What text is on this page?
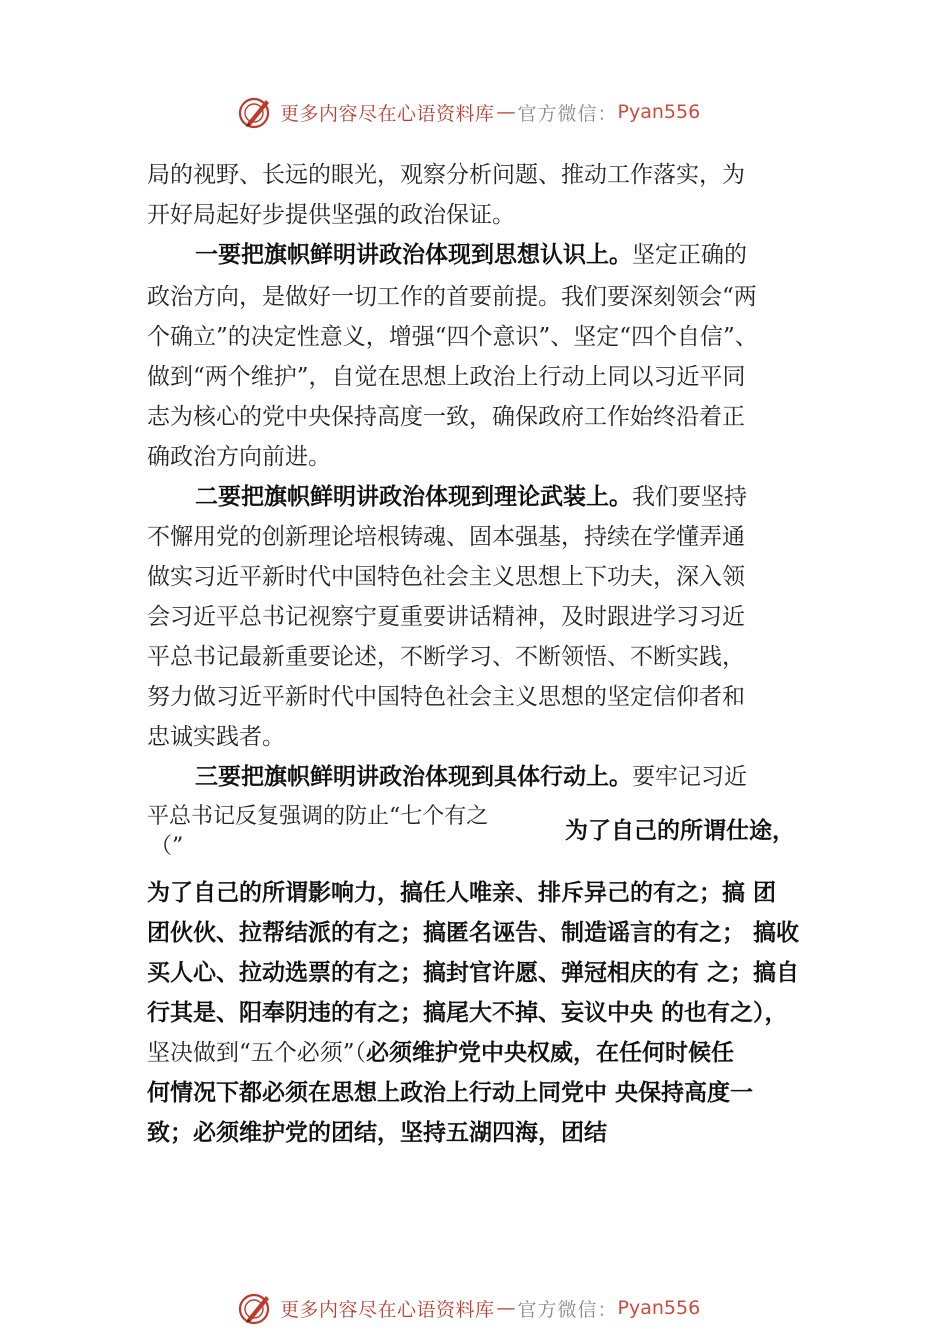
更多内容尽在心语资料库 — 官方微信： Pyan556
局的视野、长远的眼光，观察分析问题、推动工作落实，为
开好局起好步提供坚强的政治保证。
一要把旗帜鲜明讲政治体现到思想认识上。坚定正确的
政治方向，是做好一切工作的首要前提。我们要深刻领会“两
个确立”的决定性意义，增强“四个意识”、坚定“四个自信”、
做到“两个维护”，自觉在思想上政治上行动上同以习近平同
志为核心的党中央保持高度一致，确保政府工作始终沿着正
确政治方向前进。
二要把旗帜鲜明讲政治体现到理论武装上。我们要坚持
不懈用党的创新理论培根铸魂、固本强基，持续在学懂弄通
做实习近平新时代中国特色社会主义思想上下功夫，深入领
会习近平总书记视察宁夏重要讲话精神，及时跟进学习习近
平总书记最新重要论述，不断学习、不断领悟、不断实践，
努力做习近平新时代中国特色社会主义思想的坚定信仰者和
忠诚实践者。
三要把旗帜鲜明讲政治体现到具体行动上。要牢记习近
平总书记反复强调的防止“七个有之
为了自己的所谓仕途，
（”
为了自己的所谓影响力，搞任人唯亲、排斥异己的有之；搞 团
团伙伙、拉帮结派的有之；搞匿名诬告、制造谣言的有之； 搞收
买人心、拉动选票的有之；搞封官许愿、弹冠相庆的有 之；搞自
行其是、阳奉阴违的有之；搞尾大不掉、妄议中央 的也有之），
坚决做到“五个必须”（必须维护党中央权威，在任何时候任
何情况下都必须在思想上政治上行动上同党中 央保持高度一
致；必须维护党的团结，坚持五湖四海，团结
更多内容尽在心语资料库 — 官方微信： Pyan556
